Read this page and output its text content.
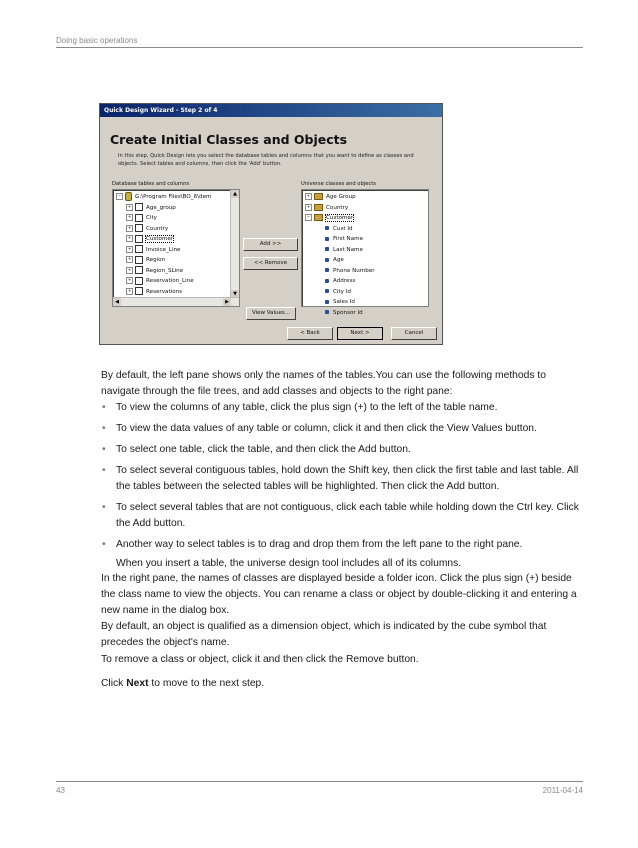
Doing basic operations
Quick Design Wizard - Step 2 of 4
Create Initial Classes and Objects
In this step, Quick Design lets you select the database tables and columns that you want to define as classes and objects. Select tables and columns, then click the 'Add' button.
Database tables and columns	Universe classes and objects
− G:\Program Files\BO_6\dem
+	Age_group
+	City
+	Country
+	Customer
+	Invoice_Line
+	Region
+	Region_SLine
+	Reservation_Line
+	Reservations
▲
▼
◀	▶
+	Age Group
+	Country
−	Customer
Cust Id
First Name
Last Name
Age
Phone Number
Address
City Id
Sales Id
Sponsor Id
Add >>
<< Remove
View Values...
< Back	Next >	Cancel
By default, the left pane shows only the names of the tables.You can use the following methods to navigate through the file trees, and add classes and objects to the right pane:
• To view the columns of any table, click the plus sign (+) to the left of the table name.
• To view the data values of any table or column, click it and then click the View Values button.
• To select one table, click the table, and then click the Add button.
• To select several contiguous tables, hold down the Shift key, then click the first table and last table. All the tables between the selected tables will be highlighted. Then click the Add button.
• To select several tables that are not contiguous, click each table while holding down the Ctrl key. Click the Add button.
• Another way to select tables is to drag and drop them from the left pane to the right pane.
When you insert a table, the universe design tool includes all of its columns.
In the right pane, the names of classes are displayed beside a folder icon. Click the plus sign (+) beside the class name to view the objects. You can rename a class or object by double-clicking it and entering a new name in the dialog box.
By default, an object is qualified as a dimension object, which is indicated by the cube symbol that precedes the object's name.
To remove a class or object, click it and then click the Remove button.
Click Next to move to the next step.
43	2011-04-14
